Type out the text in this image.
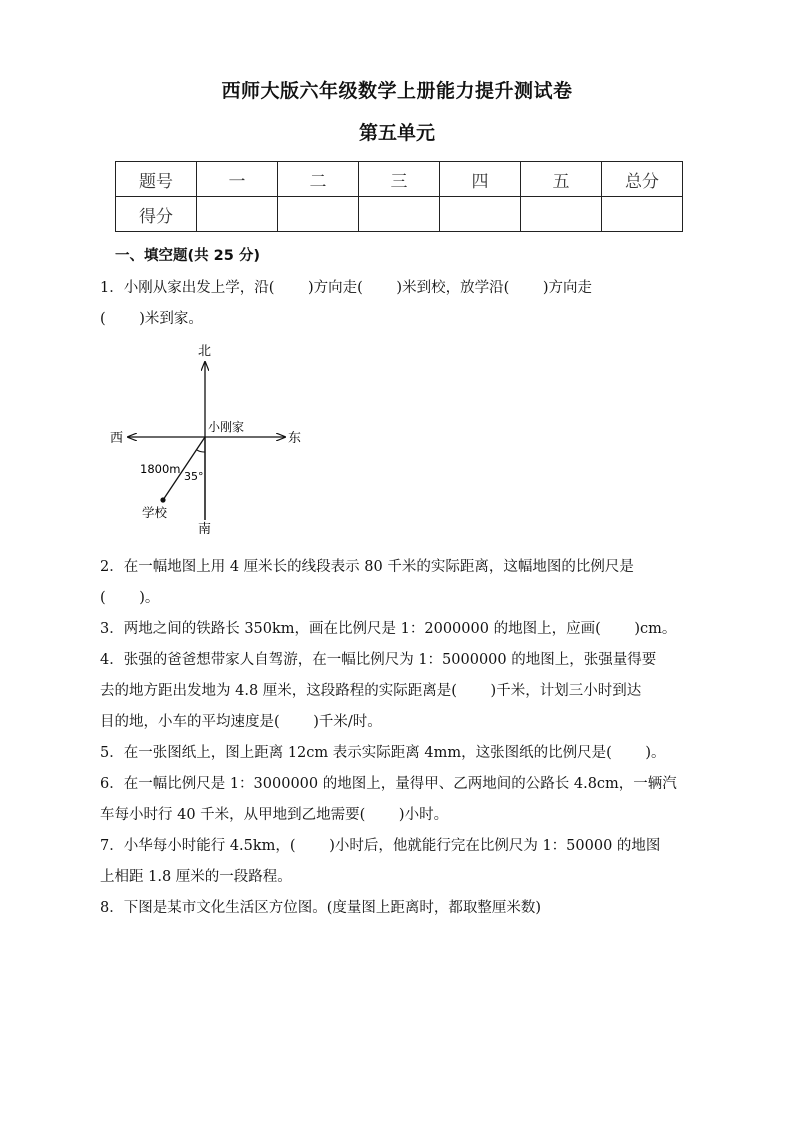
西师大版六年级数学上册能力提升测试卷
第五单元
题号	一	二	三	四	五	总分
得分						
一、填空题(共 25 分)
1．小刚从家出发上学，沿(　　 )方向走(　　 )米到校，放学沿(　　 )方向走
(　　 )米到家。
北
南
东
西
小刚家
1800m
35°
学校
2．在一幅地图上用 4 厘米长的线段表示 80 千米的实际距离，这幅地图的比例尺是
(　　 )。
3．两地之间的铁路长 350km，画在比例尺是 1：2000000 的地图上，应画(　　 )cm。
4．张强的爸爸想带家人自驾游，在一幅比例尺为 1：5000000 的地图上，张强量得要
去的地方距出发地为 4.8 厘米，这段路程的实际距离是(　　 )千米，计划三小时到达
目的地，小车的平均速度是(　　 )千米/时。
5．在一张图纸上，图上距离 12cm 表示实际距离 4mm，这张图纸的比例尺是(　　 )。
6．在一幅比例尺是 1：3000000 的地图上，量得甲、乙两地间的公路长 4.8cm，一辆汽
车每小时行 40 千米，从甲地到乙地需要(　　 )小时。
7．小华每小时能行 4.5km，(　　 )小时后，他就能行完在比例尺为 1：50000 的地图
上相距 1.8 厘米的一段路程。
8．下图是某市文化生活区方位图。(度量图上距离时，都取整厘米数)
